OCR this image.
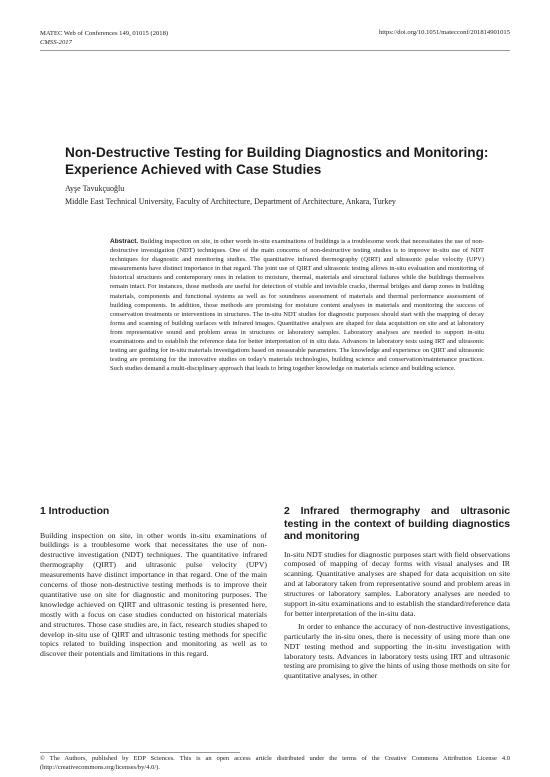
MATEC Web of Conferences 149, 01015 (2018)
CMSS-2017
https://doi.org/10.1051/matecconf/201814901015
Non-Destructive Testing for Building Diagnostics and Monitoring: Experience Achieved with Case Studies
Ayşe Tavukçuoğlu
Middle East Technical University, Faculty of Architecture, Department of Architecture, Ankara, Turkey
Abstract. Building inspection on site, in other words in-situ examinations of buildings is a troublesome work that necessitates the use of non-destructive investigation (NDT) techniques. One of the main concerns of non-destructive testing studies is to improve in-situ use of NDT techniques for diagnostic and monitoring studies. The quantitative infrared thermography (QIRT) and ultrasonic pulse velocity (UPV) measurements have distinct importance in that regard. The joint use of QIRT and ultrasonic testing allows in-situ evaluation and monitoring of historical structures and contemporary ones in relation to moisture, thermal, materials and structural failures while the buildings themselves remain intact. For instances, those methods are useful for detection of visible and invisible cracks, thermal bridges and damp zones in building materials, components and functional systems as well as for soundness assessment of materials and thermal performance assessment of building components. In addition, those methods are promising for moisture content analyses in materials and monitoring the success of conservation treatments or interventions in structures. The in-situ NDT studies for diagnostic purposes should start with the mapping of decay forms and scanning of building surfaces with infrared images. Quantitative analyses are shaped for data acquisition on site and at laboratory from representative sound and problem areas in structures or laboratory samples. Laboratory analyses are needed to support in-situ examinations and to establish the reference data for better interpretation of in situ data. Advances in laboratory tests using IRT and ultrasonic testing are guiding for in-situ materials investigations based on measurable parameters. The knowledge and experience on QIRT and ultrasonic testing are promising for the innovative studies on today's materials technologies, building science and conservation/maintenance practices. Such studies demand a multi-disciplinary approach that leads to bring together knowledge on materials science and building science.
1 Introduction

Building inspection on site, in other words in-situ examinations of buildings is a troublesome work that necessitates the use of non-destructive investigation (NDT) techniques. The quantitative infrared thermography (QIRT) and ultrasonic pulse velocity (UPV) measurements have distinct importance in that regard. One of the main concerns of those non-destructive testing methods is to improve their quantitative use on site for diagnostic and monitoring purposes. The knowledge achieved on QIRT and ultrasonic testing is presented here, mostly with a focus on case studies conducted on historical materials and structures. Those case studies are, in fact, research studies shaped to develop in-situ use of QIRT and ultrasonic testing methods for specific topics related to building inspection and monitoring as well as to discover their potentials and limitations in this regard.

2 Infrared thermography and ultrasonic testing in the context of building diagnostics and monitoring

In-situ NDT studies for diagnostic purposes start with field observations composed of mapping of decay forms with visual analyses and IR scanning. Quantitative analyses are shaped for data acquisition on site and at laboratory taken from representative sound and problem areas in structures or laboratory samples. Laboratory analyses are needed to support in-situ examinations and to establish the standard/reference data for better interpretation of the in-situ data.

In order to enhance the accuracy of non-destructive investigations, particularly the in-situ ones, there is necessity of using more than one NDT testing method and supporting the in-situ investigation with laboratory tests. Advances in laboratory tests using IRT and ultrasonic testing are promising to give the hints of using those methods on site for quantitative analyses, in other

© The Authors, published by EDP Sciences. This is an open access article distributed under the terms of the Creative Commons Attribution License 4.0 (http://creativecommons.org/licenses/by/4.0/).
